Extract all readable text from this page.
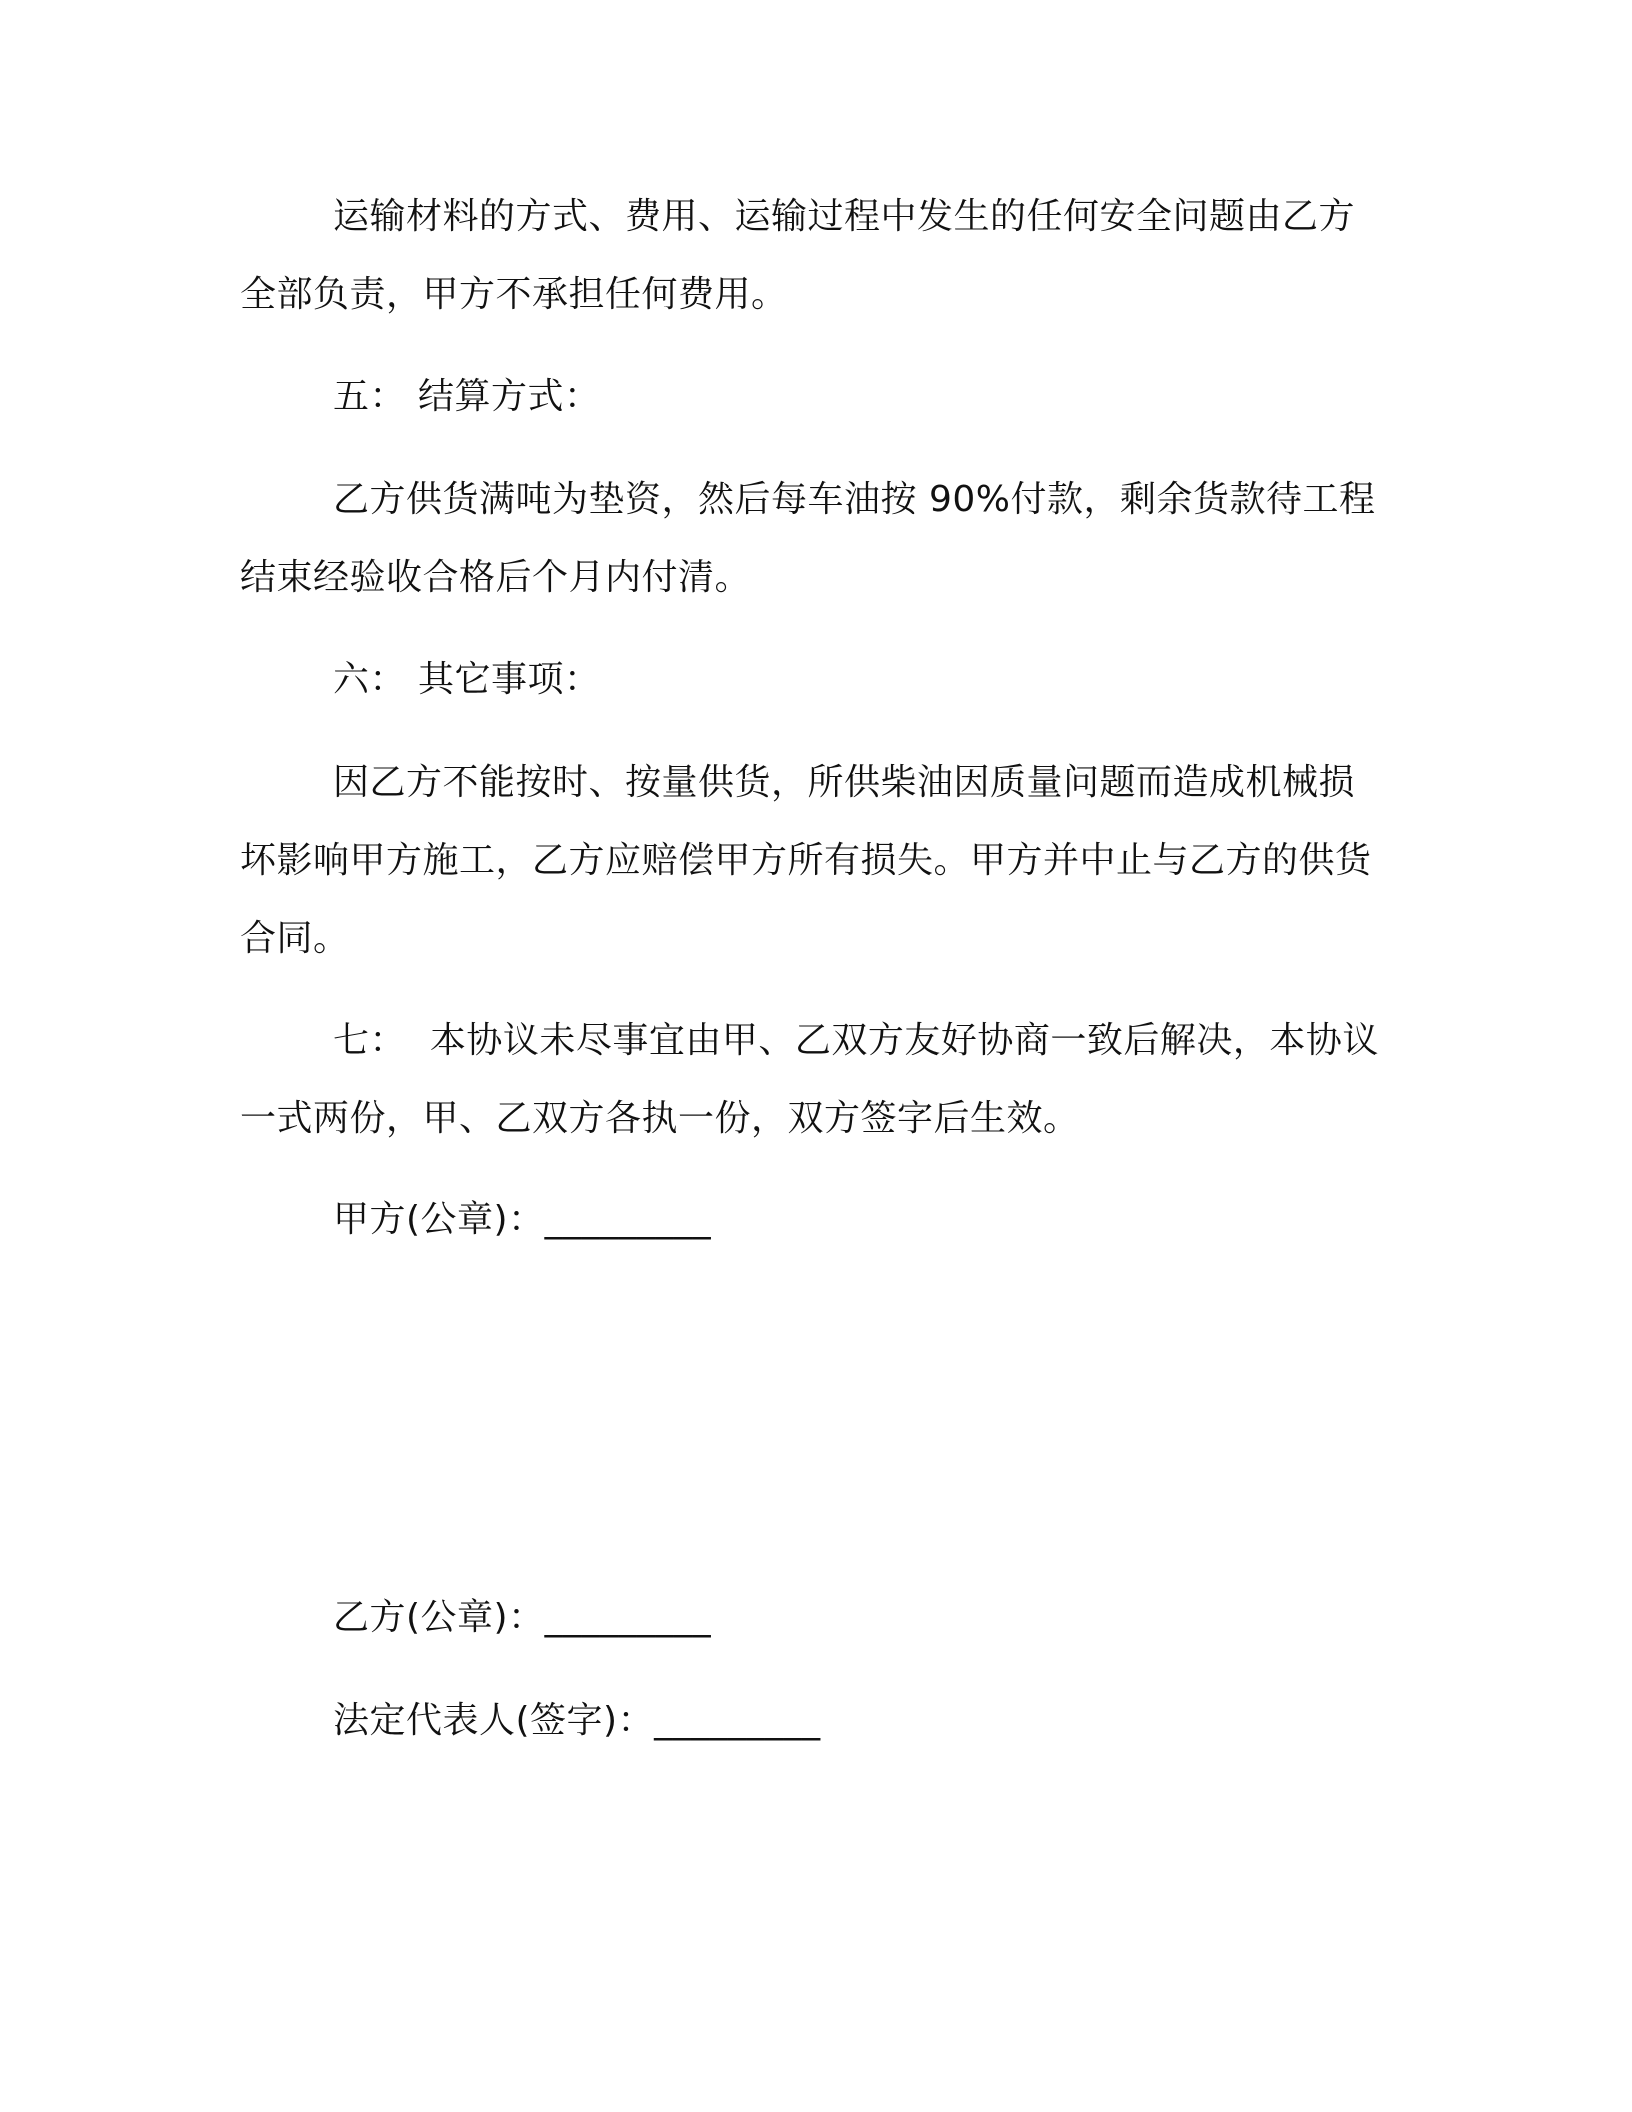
运输材料的方式、费用、运输过程中发生的任何安全问题由乙方全部负责，甲方不承担任何费用。

五： 结算方式：

乙方供货满吨为垫资，然后每车油按 90%付款，剩余货款待工程结束经验收合格后个月内付清。

六： 其它事项：

因乙方不能按时、按量供货，所供柴油因质量问题而造成机械损坏影响甲方施工，乙方应赔偿甲方所有损失。甲方并中止与乙方的供货合同。

七：  本协议未尽事宜由甲、乙双方友好协商一致后解决，本协议一式两份，甲、乙双方各执一份，双方签字后生效。

甲方(公章)：_________

乙方(公章)：_________

法定代表人(签字)：_________
